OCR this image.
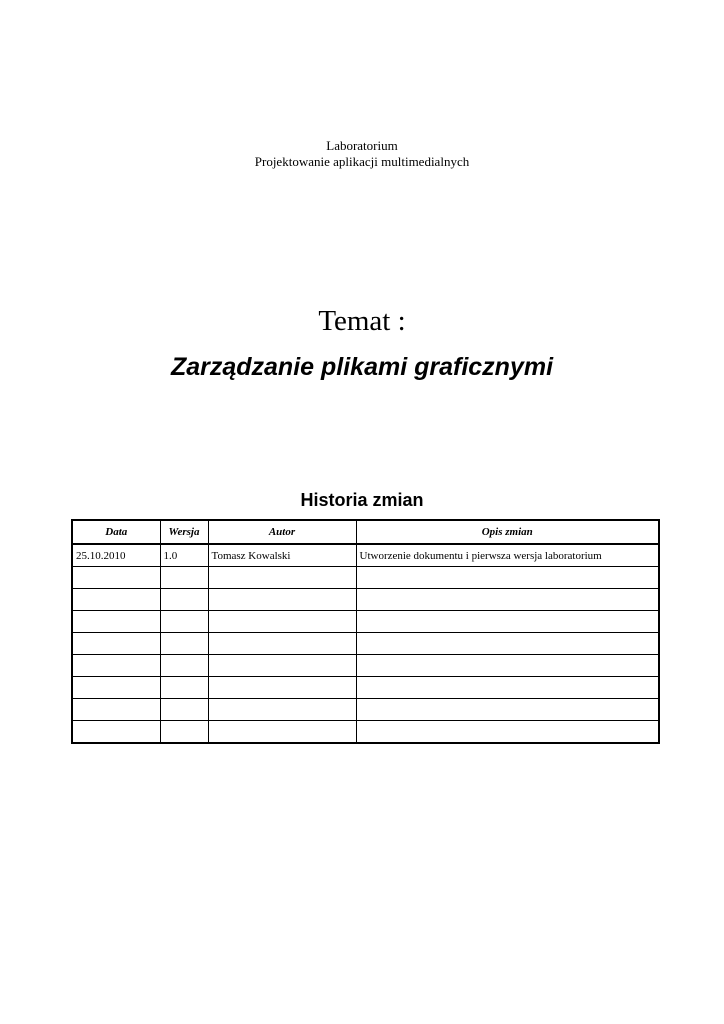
Laboratorium
Projektowanie aplikacji multimedialnych
Temat :
Zarządzanie plikami graficznymi
Historia zmian
Data	Wersja	Autor	Opis zmian
25.10.2010	1.0	Tomasz Kowalski	Utworzenie dokumentu i pierwsza wersja laboratorium
